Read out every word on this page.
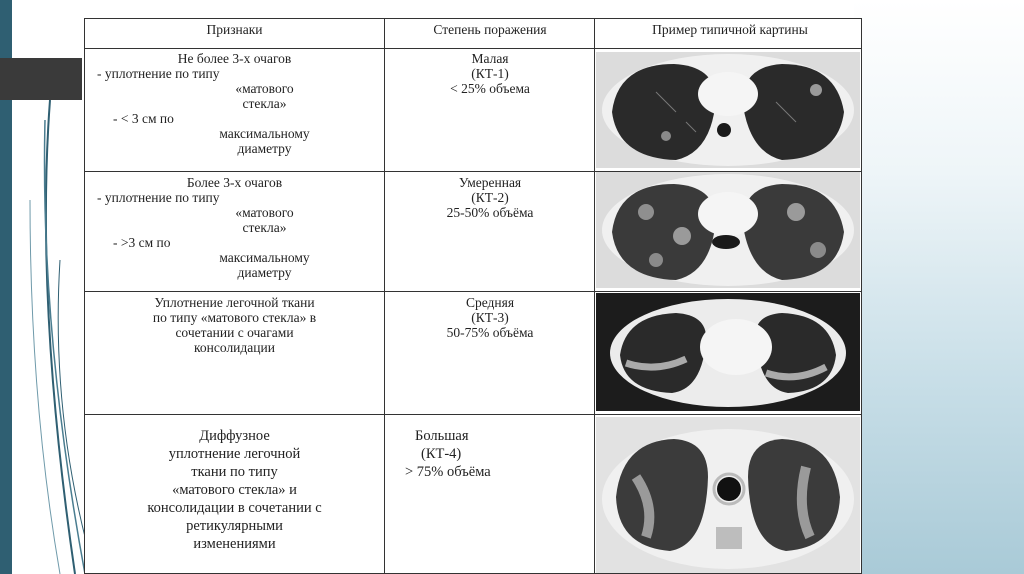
Признаки	Степень поражения	Пример типичной картины
Не более 3-х очагов
- уплотнение по типу
«матового
стекла»
- < 3 см по
максимальному
диаметру
Малая
(КТ-1)
< 25% объема
Более 3-х очагов
- уплотнение по типу
«матового
стекла»
- >3 см по
максимальному
диаметру
Умеренная
(КТ-2)
25-50% объёма
Уплотнение легочной ткани
по типу «матового стекла» в
сочетании с очагами
консолидации
Средняя
(КТ-3)
50-75% объёма
Диффузное
уплотнение легочной
ткани по типу
«матового стекла» и
консолидации в сочетании с
ретикулярными
изменениями
Большая
(КТ-4)
> 75% объёма
